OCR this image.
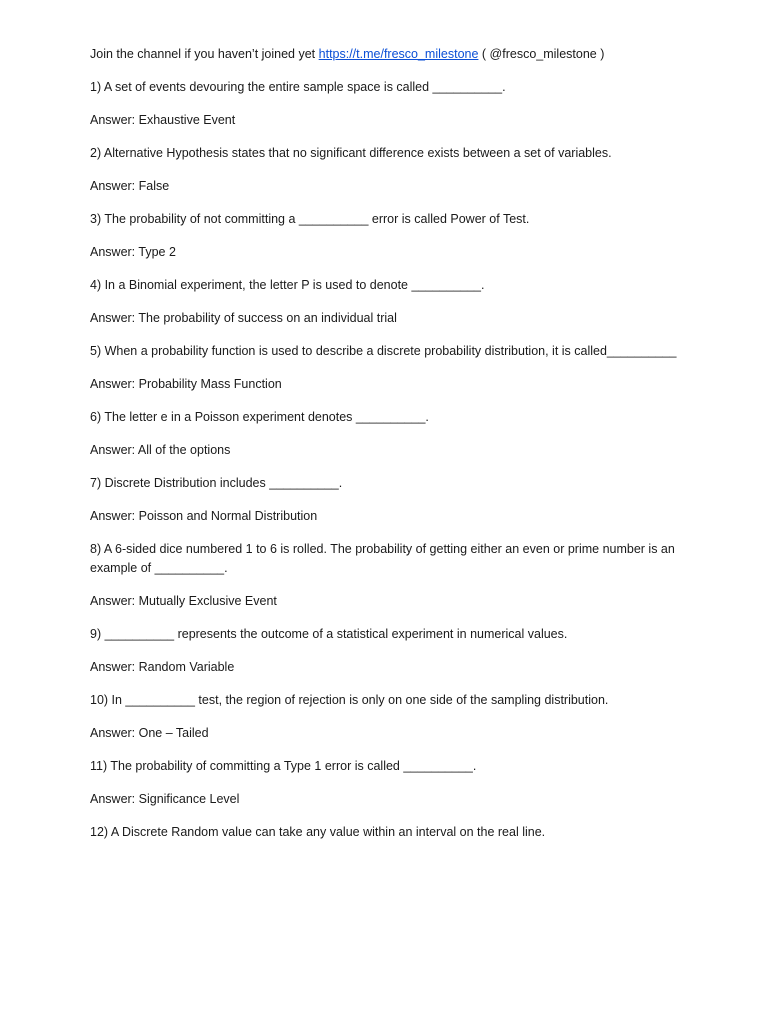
Join the channel if you haven’t joined yet https://t.me/fresco_milestone ( @fresco_milestone )

1) A set of events devouring the entire sample space is called __________.

Answer: Exhaustive Event

2) Alternative Hypothesis states that no significant difference exists between a set of variables.

Answer: False

3) The probability of not committing a __________ error is called Power of Test.

Answer: Type 2

4) In a Binomial experiment, the letter P is used to denote __________.

Answer: The probability of success on an individual trial

5) When a probability function is used to describe a discrete probability distribution, it is called__________

Answer: Probability Mass Function

6) The letter e in a Poisson experiment denotes __________.

Answer: All of the options

7) Discrete Distribution includes __________.

Answer: Poisson and Normal Distribution

8) A 6-sided dice numbered 1 to 6 is rolled. The probability of getting either an even or prime number is an example of __________.

Answer: Mutually Exclusive Event

9) __________ represents the outcome of a statistical experiment in numerical values.

Answer: Random Variable

10) In __________ test, the region of rejection is only on one side of the sampling distribution.

Answer: One – Tailed

11) The probability of committing a Type 1 error is called __________.

Answer: Significance Level

12) A Discrete Random value can take any value within an interval on the real line.
